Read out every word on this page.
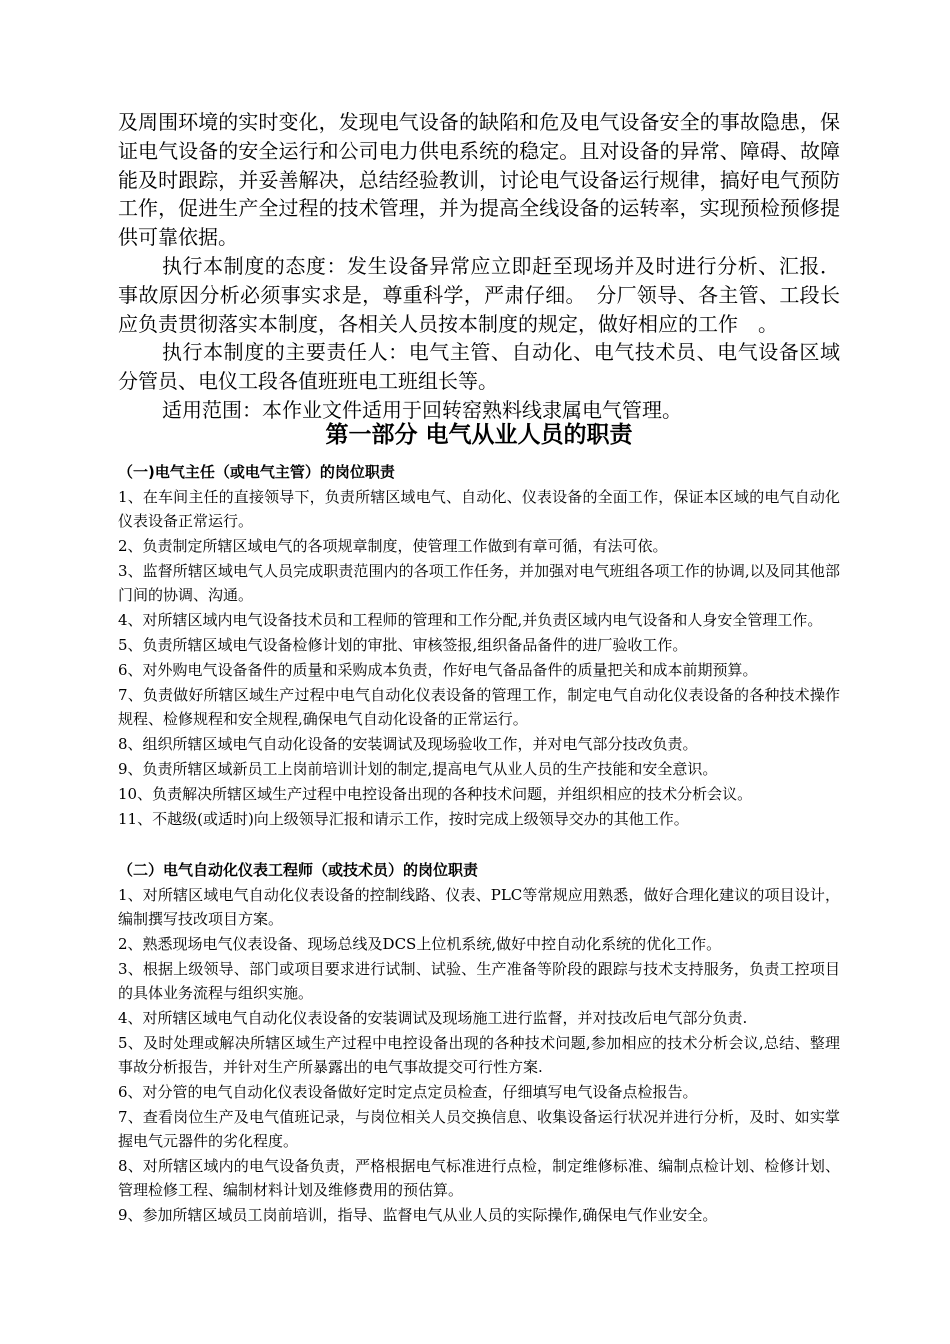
及周围环境的实时变化，发现电气设备的缺陷和危及电气设备安全的事故隐患，保证电气设备的安全运行和公司电力供电系统的稳定。且对设备的异常、障碍、故障能及时跟踪，并妥善解决，总结经验教训，讨论电气设备运行规律，搞好电气预防工作，促进生产全过程的技术管理，并为提高全线设备的运转率，实现预检预修提供可靠依据。

执行本制度的态度：发生设备异常应立即赶至现场并及时进行分析、汇报．事故原因分析必须事实求是，尊重科学，严肃仔细。　分厂领导、各主管、工段长应负责贯彻落实本制度，各相关人员按本制度的规定，做好相应的工作　。

执行本制度的主要责任人：电气主管、自动化、电气技术员、电气设备区域分管员、电仪工段各值班班电工班组长等。

适用范围：本作业文件适用于回转窑熟料线隶属电气管理。

第一部分 电气从业人员的职责
（一)电气主任（或电气主管）的岗位职责
1、在车间主任的直接领导下，负责所辖区域电气、自动化、仪表设备的全面工作，保证本区域的电气自动化仪表设备正常运行。
2、负责制定所辖区域电气的各项规章制度，使管理工作做到有章可循，有法可依。
3、监督所辖区域电气人员完成职责范围内的各项工作任务，并加强对电气班组各项工作的协调,以及同其他部门间的协调、沟通。
4、对所辖区域内电气设备技术员和工程师的管理和工作分配,并负责区域内电气设备和人身安全管理工作。
5、负责所辖区域电气设备检修计划的审批、审核签报,组织备品备件的进厂验收工作。
6、对外购电气设备备件的质量和采购成本负责，作好电气备品备件的质量把关和成本前期预算。
7、负责做好所辖区域生产过程中电气自动化仪表设备的管理工作，制定电气自动化仪表设备的各种技术操作规程、检修规程和安全规程,确保电气自动化设备的正常运行。
8、组织所辖区域电气自动化设备的安装调试及现场验收工作，并对电气部分技改负责。
9、负责所辖区域新员工上岗前培训计划的制定,提高电气从业人员的生产技能和安全意识。
10、负责解决所辖区域生产过程中电控设备出现的各种技术问题，并组织相应的技术分析会议。
11、不越级(或适时)向上级领导汇报和请示工作，按时完成上级领导交办的其他工作。
（二）电气自动化仪表工程师（或技术员）的岗位职责
1、对所辖区域电气自动化仪表设备的控制线路、仪表、PLC等常规应用熟悉，做好合理化建议的项目设计，编制撰写技改项目方案。
2、熟悉现场电气仪表设备、现场总线及DCS上位机系统,做好中控自动化系统的优化工作。
3、根据上级领导、部门或项目要求进行试制、试验、生产准备等阶段的跟踪与技术支持服务，负责工控项目的具体业务流程与组织实施。
4、对所辖区域电气自动化仪表设备的安装调试及现场施工进行监督，并对技改后电气部分负责.
5、及时处理或解决所辖区域生产过程中电控设备出现的各种技术问题,参加相应的技术分析会议,总结、整理事故分析报告，并针对生产所暴露出的电气事故提交可行性方案.
6、对分管的电气自动化仪表设备做好定时定点定员检查，仔细填写电气设备点检报告。
7、查看岗位生产及电气值班记录，与岗位相关人员交换信息、收集设备运行状况并进行分析，及时、如实掌握电气元器件的劣化程度。
8、对所辖区域内的电气设备负责，严格根据电气标准进行点检，制定维修标准、编制点检计划、检修计划、管理检修工程、编制材料计划及维修费用的预估算。
9、参加所辖区域员工岗前培训，指导、监督电气从业人员的实际操作,确保电气作业安全。
